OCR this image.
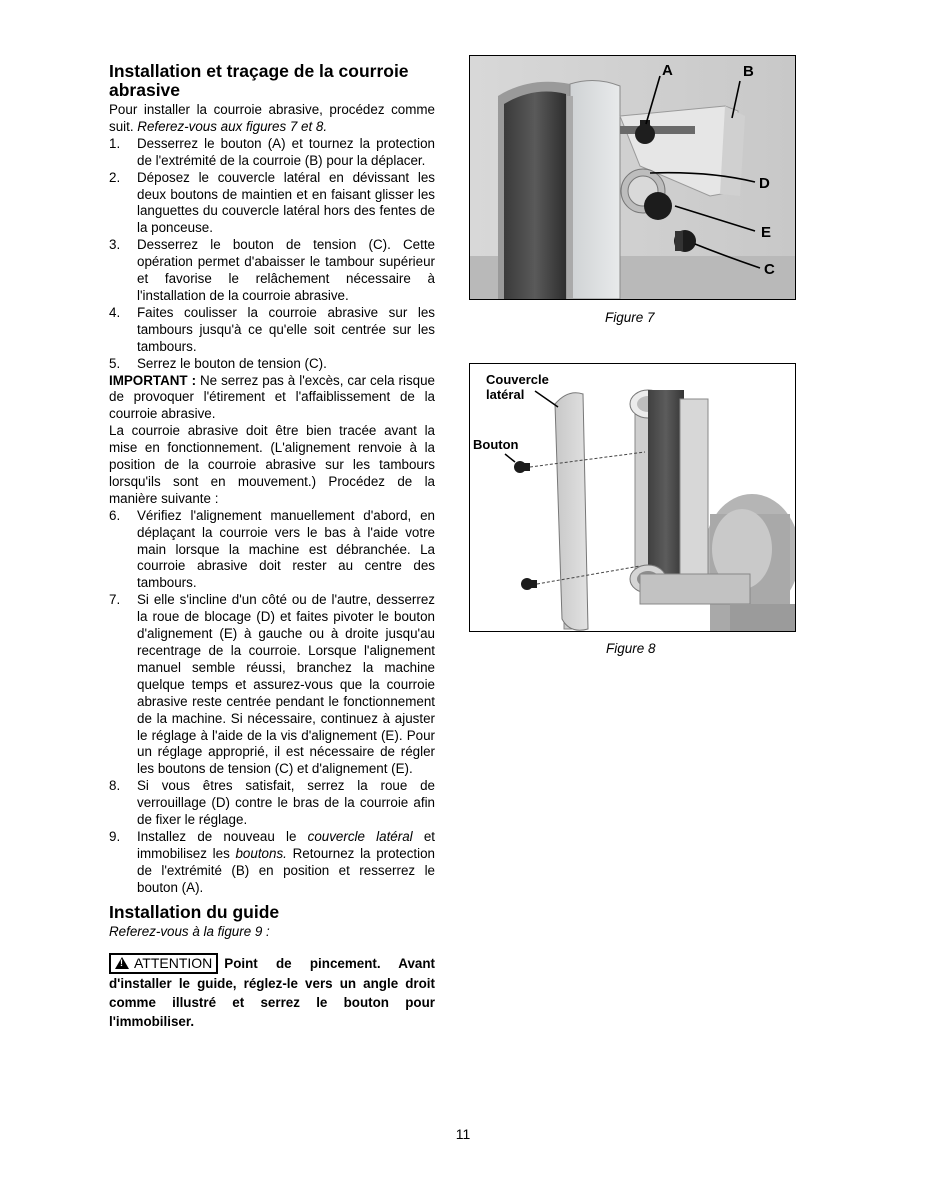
Installation et traçage de la courroie abrasive

Pour installer la courroie abrasive, procédez comme suit. Referez-vous aux figures 7 et 8.

1.	Desserrez le bouton (A) et tournez la protection de l'extrémité de la courroie (B) pour la déplacer.
2.	Déposez le couvercle latéral en dévissant les deux boutons de maintien et en faisant glisser les languettes du couvercle latéral hors des fentes de la ponceuse.
3.	Desserrez le bouton de tension (C). Cette opération permet d'abaisser le tambour supérieur et favorise le relâchement nécessaire à l'installation de la courroie abrasive.
4.	Faites coulisser la courroie abrasive sur les tambours jusqu'à ce qu'elle soit centrée sur les tambours.
5.	Serrez le bouton de tension (C).

IMPORTANT : Ne serrez pas à l'excès, car cela risque de provoquer l'étirement et l'affaiblissement de la courroie abrasive.

La courroie abrasive doit être bien tracée avant la mise en fonctionnement. (L'alignement renvoie à la position de la courroie abrasive sur les tambours lorsqu'ils sont en mouvement.) Procédez de la manière suivante :

6.	Vérifiez l'alignement manuellement d'abord, en déplaçant la courroie vers le bas à l'aide votre main lorsque la machine est débranchée. La courroie abrasive doit rester au centre des tambours.
7.	Si elle s'incline d'un côté ou de l'autre, desserrez la roue de blocage (D) et faites pivoter le bouton d'alignement (E) à gauche ou à droite jusqu'au recentrage de la courroie. Lorsque l'alignement manuel semble réussi, branchez la machine quelque temps et assurez-vous que la courroie abrasive reste centrée pendant le fonctionnement de la machine. Si nécessaire, continuez à ajuster le réglage à l'aide de la vis d'alignement (E). Pour un réglage approprié, il est nécessaire de régler les boutons de tension (C) et d'alignement (E).
8.	Si vous êtres satisfait, serrez la roue de verrouillage (D) contre le bras de la courroie afin de fixer le réglage.
9.	Installez de nouveau le couvercle latéral et immobilisez les boutons. Retournez la protection de l'extrémité (B) en position et resserrez le bouton (A).
Installation du guide

Referez-vous à la figure 9 :

!ATTENTION Point de pincement. Avant d'installer le guide, réglez-le vers un angle droit comme illustré et serrez le bouton pour l'immobiliser.

A	B
D
E
C
Figure 7
Couvercle
latéral
Bouton
Figure 8
11
